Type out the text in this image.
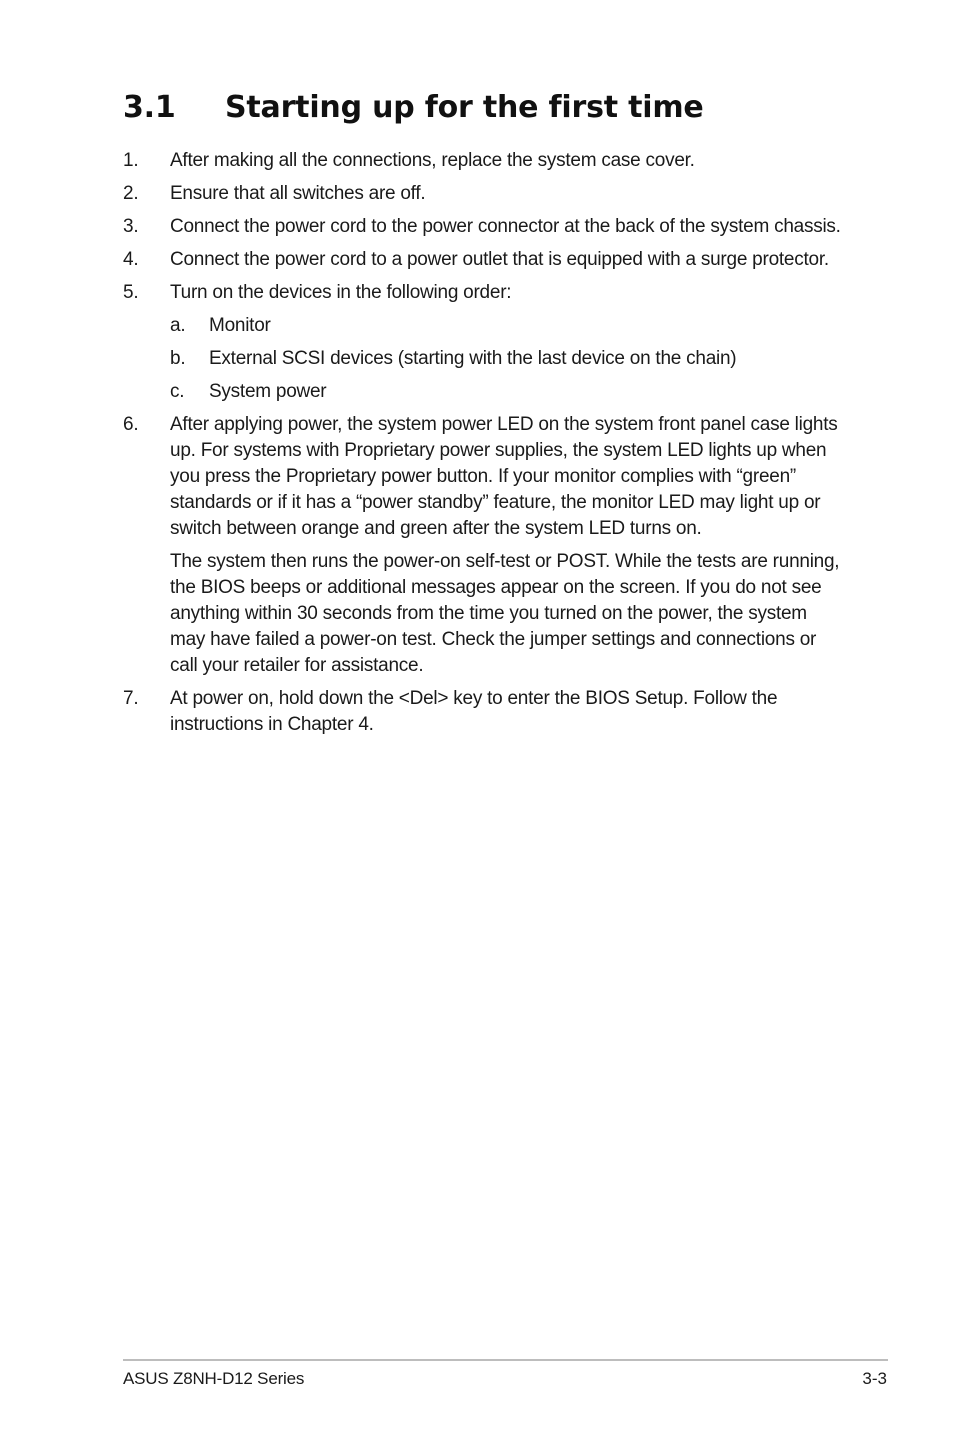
3.1 Starting up for the first time
1.	After making all the connections, replace the system case cover.
2.	Ensure that all switches are off.
3.	Connect the power cord to the power connector at the back of the system chassis.
4.	Connect the power cord to a power outlet that is equipped with a surge protector.
5.	Turn on the devices in the following order:
a.	Monitor
b.	External SCSI devices (starting with the last device on the chain)
c.	System power
6.	After applying power, the system power LED on the system front panel case lights up. For systems with Proprietary power supplies, the system LED lights up when you press the Proprietary power button. If your monitor complies with “green” standards or if it has a “power standby” feature, the monitor LED may light up or switch between orange and green after the system LED turns on.
The system then runs the power-on self-test or POST. While the tests are running, the BIOS beeps or additional messages appear on the screen. If you do not see anything within 30 seconds from the time you turned on the power, the system may have failed a power-on test. Check the jumper settings and connections or call your retailer for assistance.
7.	At power on, hold down the <Del> key to enter the BIOS Setup. Follow the instructions in Chapter 4.
ASUS Z8NH-D12 Series	3-3
